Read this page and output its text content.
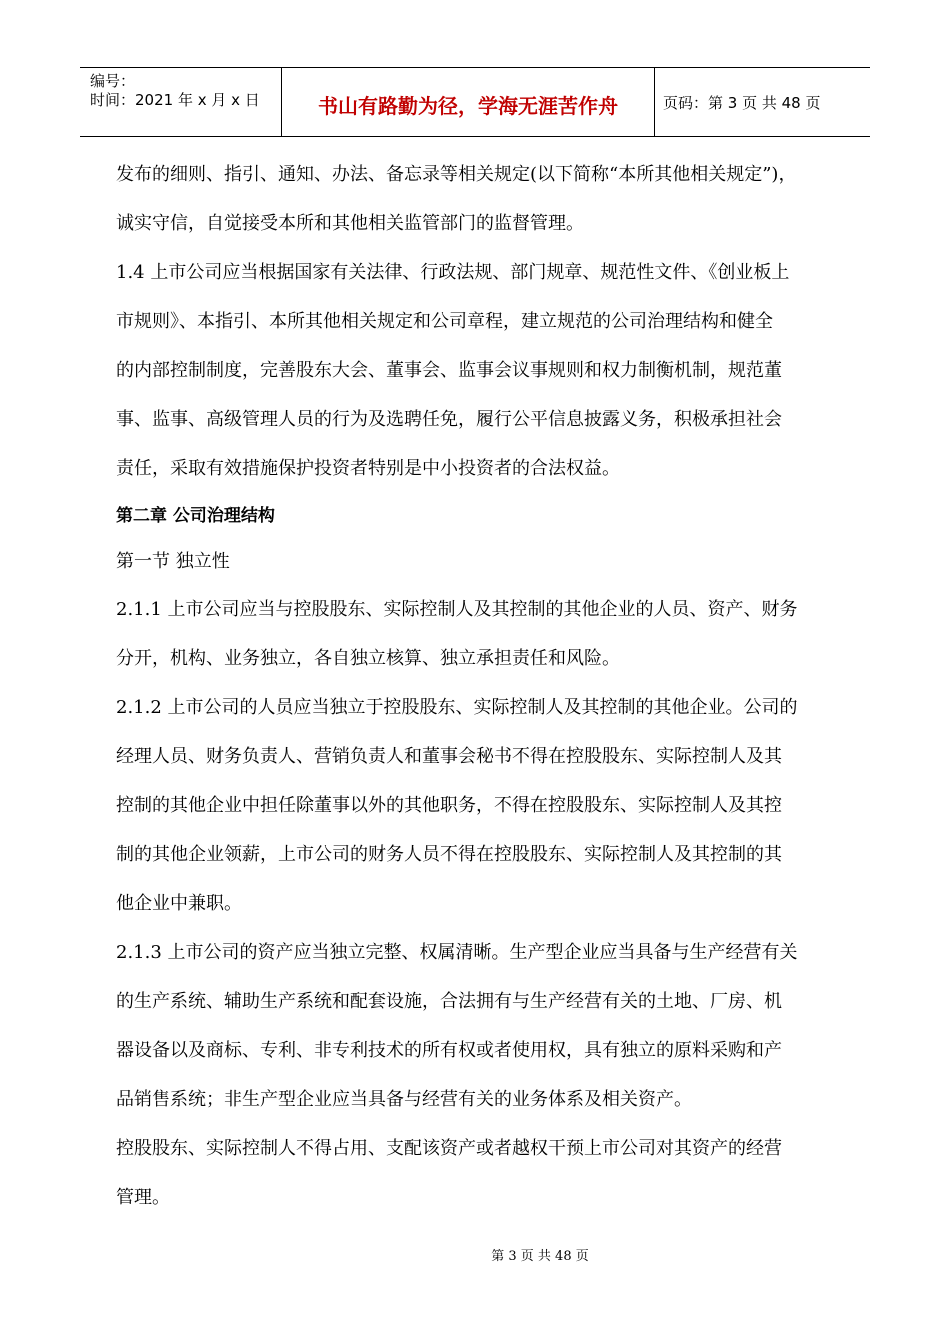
编号：
时间：2021 年 x 月 x 日	书山有路勤为径，学海无涯苦作舟	页码：第 3 页 共 48 页
发布的细则、指引、通知、办法、备忘录等相关规定(以下简称“本所其他相关规定”)，
诚实守信，自觉接受本所和其他相关监管部门的监督管理。
1.4 上市公司应当根据国家有关法律、行政法规、部门规章、规范性文件、《创业板上
市规则》、本指引、本所其他相关规定和公司章程，建立规范的公司治理结构和健全
的内部控制制度，完善股东大会、董事会、监事会议事规则和权力制衡机制，规范董
事、监事、高级管理人员的行为及选聘任免，履行公平信息披露义务，积极承担社会
责任，采取有效措施保护投资者特别是中小投资者的合法权益。
第二章 公司治理结构
第一节 独立性
2.1.1 上市公司应当与控股股东、实际控制人及其控制的其他企业的人员、资产、财务
分开，机构、业务独立，各自独立核算、独立承担责任和风险。
2.1.2 上市公司的人员应当独立于控股股东、实际控制人及其控制的其他企业。公司的
经理人员、财务负责人、营销负责人和董事会秘书不得在控股股东、实际控制人及其
控制的其他企业中担任除董事以外的其他职务，不得在控股股东、实际控制人及其控
制的其他企业领薪，上市公司的财务人员不得在控股股东、实际控制人及其控制的其
他企业中兼职。
2.1.3 上市公司的资产应当独立完整、权属清晰。生产型企业应当具备与生产经营有关
的生产系统、辅助生产系统和配套设施，合法拥有与生产经营有关的土地、厂房、机
器设备以及商标、专利、非专利技术的所有权或者使用权，具有独立的原料采购和产
品销售系统；非生产型企业应当具备与经营有关的业务体系及相关资产。
控股股东、实际控制人不得占用、支配该资产或者越权干预上市公司对其资产的经营
管理。
第 3 页 共 48 页
